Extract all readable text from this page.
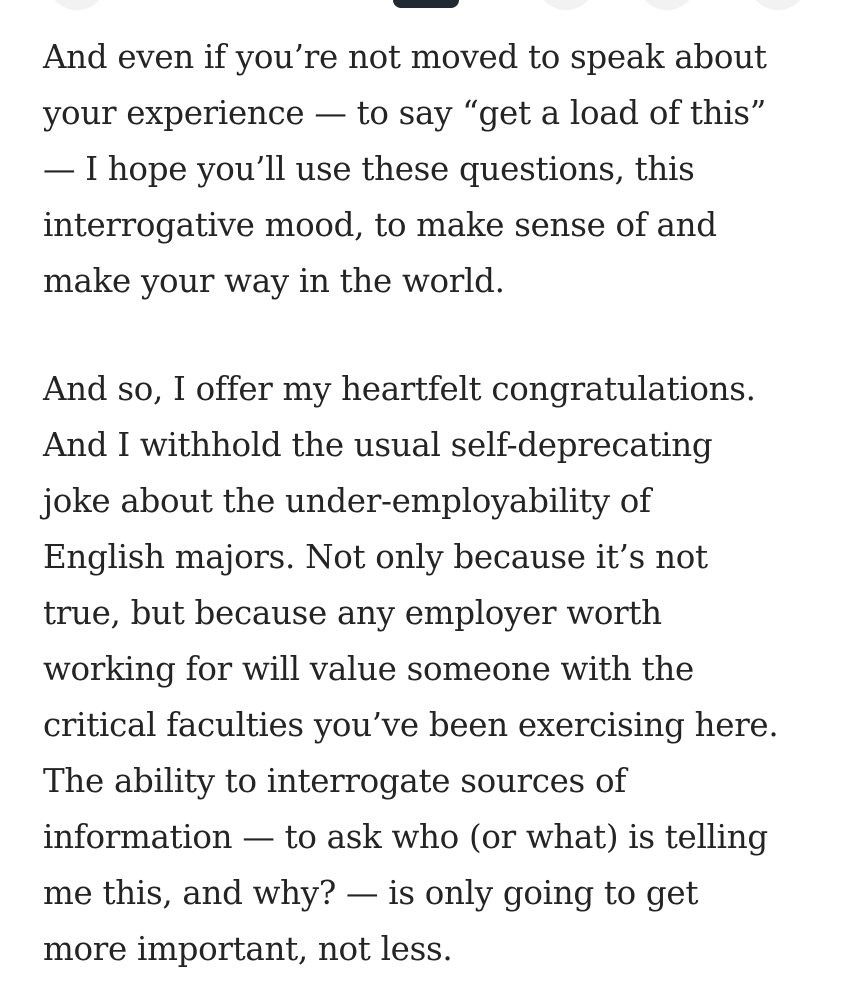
And even if you’re not moved to speak about
your experience — to say “get a load of this”
— I hope you’ll use these questions, this
interrogative mood, to make sense of and
make your way in the world.

And so, I offer my heartfelt congratulations.
And I withhold the usual self-deprecating
joke about the under-employability of
English majors. Not only because it’s not
true, but because any employer worth
working for will value someone with the
critical faculties you’ve been exercising here.
The ability to interrogate sources of
information — to ask who (or what) is telling
me this, and why? — is only going to get
more important, not less.
